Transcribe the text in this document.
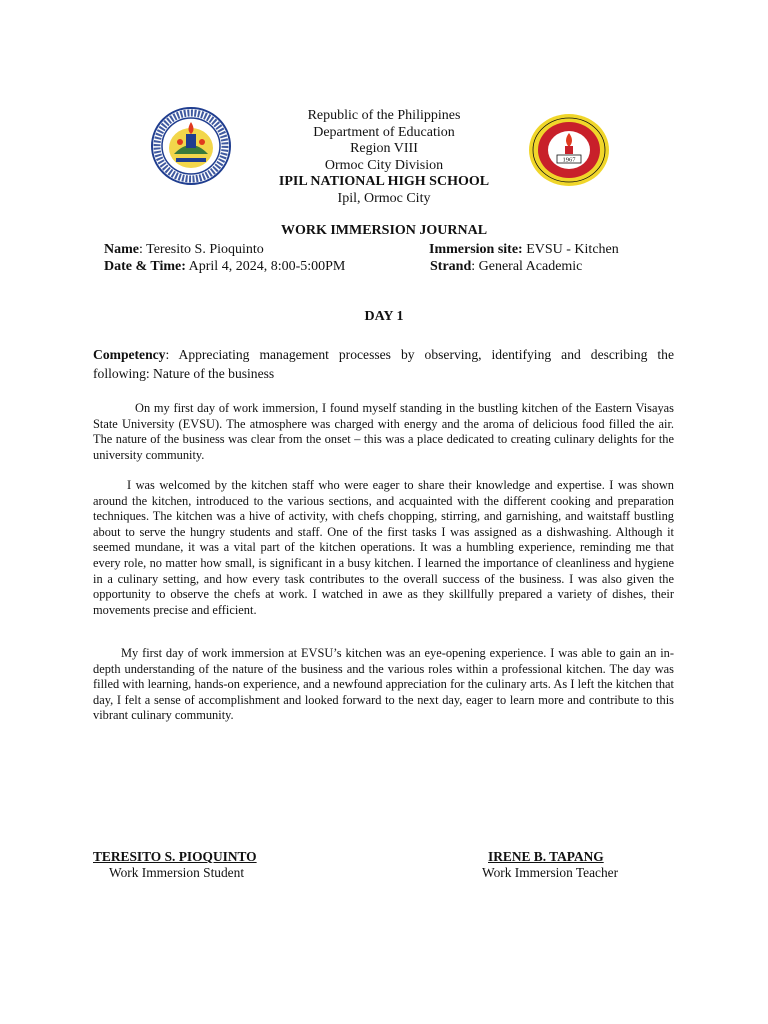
1967
Republic of the Philippines
Department of Education
Region VIII
Ormoc City Division
IPIL NATIONAL HIGH SCHOOL
Ipil, Ormoc City
WORK IMMERSION JOURNAL
Name: Teresito S. Pioquinto	Immersion site: EVSU - Kitchen
Date & Time: April 4, 2024, 8:00-5:00PM	Strand: General Academic
DAY 1

Competency: Appreciating management processes by observing, identifying and describing the following: Nature of the business

On my first day of work immersion, I found myself standing in the bustling kitchen of the Eastern Visayas State University (EVSU). The atmosphere was charged with energy and the aroma of delicious food filled the air. The nature of the business was clear from the onset – this was a place dedicated to creating culinary delights for the university community.

I was welcomed by the kitchen staff who were eager to share their knowledge and expertise. I was shown around the kitchen, introduced to the various sections, and acquainted with the different cooking and preparation techniques. The kitchen was a hive of activity, with chefs chopping, stirring, and garnishing, and waitstaff bustling about to serve the hungry students and staff. One of the first tasks I was assigned as a dishwashing. Although it seemed mundane, it was a vital part of the kitchen operations. It was a humbling experience, reminding me that every role, no matter how small, is significant in a busy kitchen. I learned the importance of cleanliness and hygiene in a culinary setting, and how every task contributes to the overall success of the business. I was also given the opportunity to observe the chefs at work. I watched in awe as they skillfully prepared a variety of dishes, their movements precise and efficient.

My first day of work immersion at EVSU’s kitchen was an eye-opening experience. I was able to gain an in-depth understanding of the nature of the business and the various roles within a professional kitchen. The day was filled with learning, hands-on experience, and a newfound appreciation for the culinary arts. As I left the kitchen that day, I felt a sense of accomplishment and looked forward to the next day, eager to learn more and contribute to this vibrant culinary community.

TERESITO S. PIOQUINTO
Work Immersion Student
IRENE B. TAPANG
Work Immersion Teacher
